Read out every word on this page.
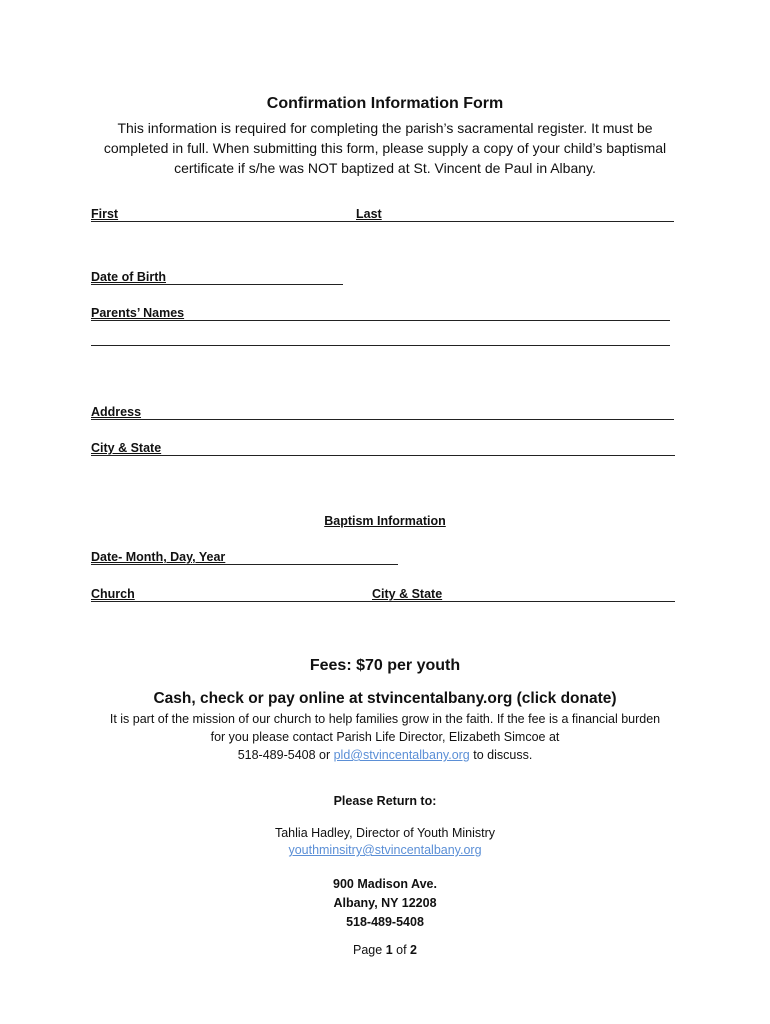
Confirmation Information Form
This information is required for completing the parish’s sacramental register. It must be
completed in full. When submitting this form, please supply a copy of your child’s baptismal
certificate if s/he was NOT baptized at St. Vincent de Paul in Albany.
First	Last
Date of Birth
Parents’ Names
Address
City & State
Baptism Information
Date- Month, Day, Year
Church	City & State
Fees: $70 per youth
Cash, check or pay online at stvincentalbany.org (click donate)
It is part of the mission of our church to help families grow in the faith. If the fee is a financial burden
for you please contact Parish Life Director, Elizabeth Simcoe at
518-489-5408 or pld@stvincentalbany.org to discuss.
Please Return to:
Tahlia Hadley, Director of Youth Ministry
youthminsitry@stvincentalbany.org
900 Madison Ave.
Albany, NY 12208
518-489-5408
Page 1 of 2
